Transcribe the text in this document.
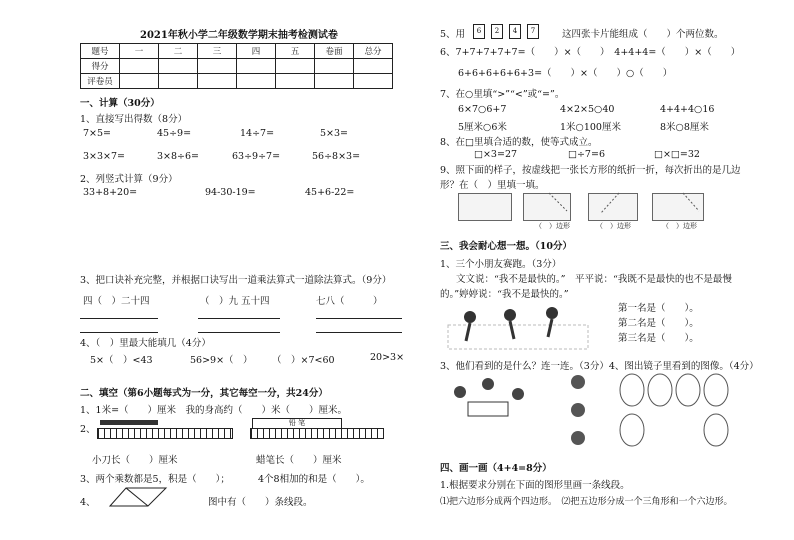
2021年秋小学二年级数学期末抽考检测试卷
题号	一	二	三	四	五	卷面	总分
得分							
评卷员							
一、计算（30分）
1、直接写出得数（8分）
7×5=	45÷9=	14÷7=	5×3=
3×3×7=	3×8÷6=	63÷9÷7=	56÷8×3=
2、列竖式计算（9分）
33+8+20=	94-30-19=	45+6-22=
3、把口诀补充完整，并根据口诀写出一道乘法算式一道除法算式。（9分）
四（　）二十四	（　）九 五十四	七八（　　　）
4、（　）里最大能填几（4分）
5×（　）<43	56>9×（　） （　）×7<60	20>3×
二、填空（第6小题每式为一分，其它每空一分，共24分）
1、1米=（　　）厘米　我的身高约（　　）米（　　）厘米。
2、
铅 笔
小刀长（　　）厘米	蜡笔长（　　）厘米
3、两个乘数都是5，积是（　　）；	4个8相加的和是（　　）。
4、	图中有（　　）条线段。
5、用	6 2 4 7	这四张卡片能组成（　　）个两位数。
6、7+7+7+7+7=（　　）×（　　）　4+4+4=（　　）×（　　）
6+6+6+6+6+3=（　　）×（　　）○（　　）
7、在○里填“>”“<”或“=”。
6×7○6+7	4×2×5○40	4+4+4○16
5厘米○6米	1米○100厘米	8米○8厘米
8、在□里填合适的数，使等式成立。
□×3=27	□÷7=6	□×□=32
9、照下面的样子，按虚线把一张长方形的纸折一折，每次折出的是几边
形？在（　）里填一填。
（　）边形	（　）边形	（　）边形
三、我会耐心想一想。（10分）
1、三个小朋友赛跑。（3分）
文文说：“我不是最快的。”　平平说：“我既不是最快的也不是最慢
的。”婷婷说：“我不是最快的。”
第一名是（　　）。
第二名是（　　）。
第三名是（　　）。
3、他们看到的是什么？连一连。（3分）4、图出镜子里看到的图像。（4分）
四、画一画（4+4=8分）
1.根据要求分别在下面的图形里画一条线段。
⑴把六边形分成两个四边形。　⑵把五边形分成一个三角形和一个六边形。
